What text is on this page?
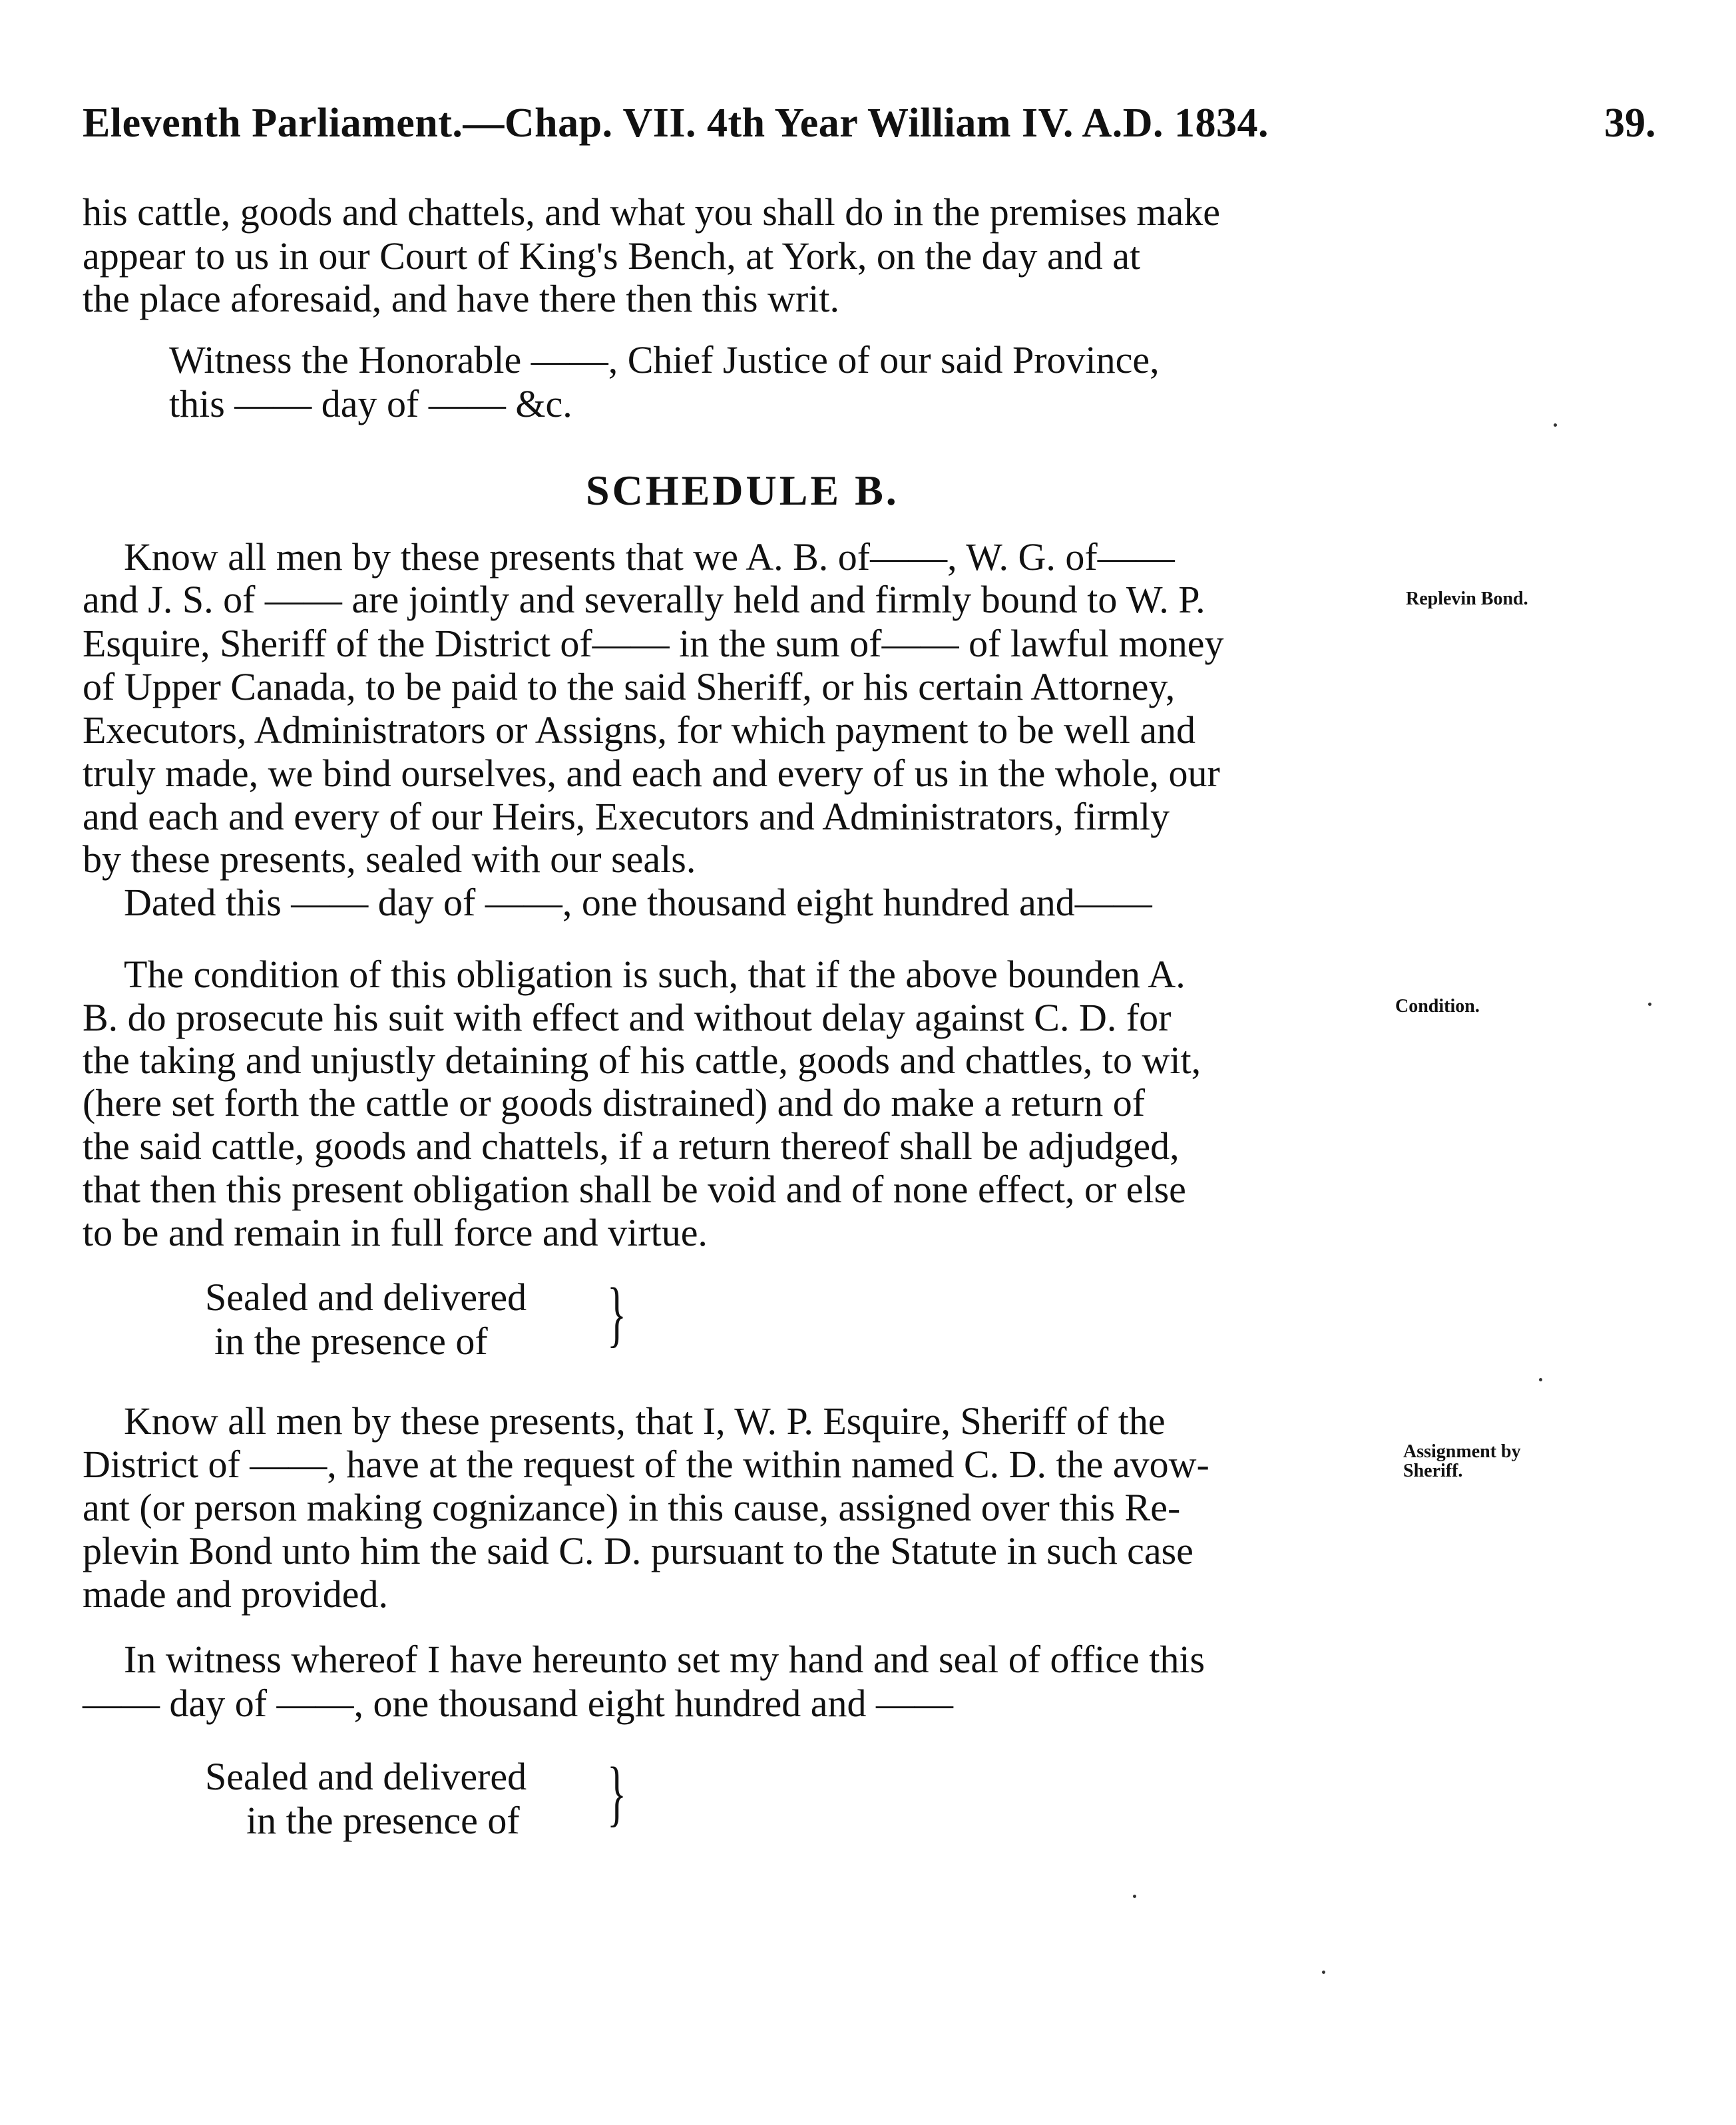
Eleventh Parliament.—Chap. VII. 4th Year William IV. A.D. 1834.	39.
his cattle, goods and chattels, and what you shall do in the premises make
appear to us in our Court of King's Bench, at York, on the day and at
the place aforesaid, and have there then this writ.
Witness the Honorable ——, Chief Justice of our said Province,
this —— day of —— &c.
SCHEDULE B.
Know all men by these presents that we A. B. of——, W. G. of——
and J. S. of —— are jointly and severally held and firmly bound to W. P.
Esquire, Sheriff of the District of—— in the sum of—— of lawful money
of Upper Canada, to be paid to the said Sheriff, or his certain Attorney,
Executors, Administrators or Assigns, for which payment to be well and
truly made, we bind ourselves, and each and every of us in the whole, our
and each and every of our Heirs, Executors and Administrators, firmly
by these presents, sealed with our seals.
Dated this —— day of ——, one thousand eight hundred and——
The condition of this obligation is such, that if the above bounden A.
B. do prosecute his suit with effect and without delay against C. D. for
the taking and unjustly detaining of his cattle, goods and chattles, to wit,
(here set forth the cattle or goods distrained) and do make a return of
the said cattle, goods and chattels, if a return thereof shall be adjudged,
that then this present obligation shall be void and of none effect, or else
to be and remain in full force and virtue.
Sealed and delivered
in the presence of }
Know all men by these presents, that I, W. P. Esquire, Sheriff of the
District of ——, have at the request of the within named C. D. the avow-
ant (or person making cognizance) in this cause, assigned over this Re-
plevin Bond unto him the said C. D. pursuant to the Statute in such case
made and provided.
In witness whereof I have hereunto set my hand and seal of office this
—— day of ——, one thousand eight hundred and ——
Sealed and delivered
in the presence of }
Replevin Bond.
Condition.
Assignment by Sheriff.
